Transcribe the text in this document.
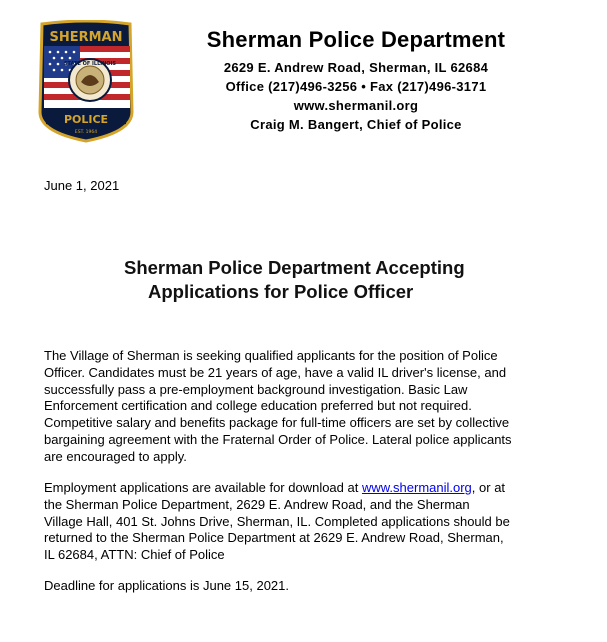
STATE OF ILLINOIS
SHERMAN
POLICE
EST. 1964
Sherman Police Department
2629 E. Andrew Road, Sherman, IL 62684
Office (217)496-3256 • Fax (217)496-3171
www.shermanil.org
Craig M. Bangert, Chief of Police
June 1, 2021
Sherman Police Department Accepting
Applications for Police Officer
The Village of Sherman is seeking qualified applicants for the position of Police
Officer. Candidates must be 21 years of age, have a valid IL driver's license, and
successfully pass a pre-employment background investigation. Basic Law
Enforcement certification and college education preferred but not required.
Competitive salary and benefits package for full-time officers are set by collective
bargaining agreement with the Fraternal Order of Police. Lateral police applicants
are encouraged to apply.
Employment applications are available for download at www.shermanil.org, or at
the Sherman Police Department, 2629 E. Andrew Road, and the Sherman
Village Hall, 401 St. Johns Drive, Sherman, IL. Completed applications should be
returned to the Sherman Police Department at 2629 E. Andrew Road, Sherman,
IL 62684, ATTN: Chief of Police
Deadline for applications is June 15, 2021.
